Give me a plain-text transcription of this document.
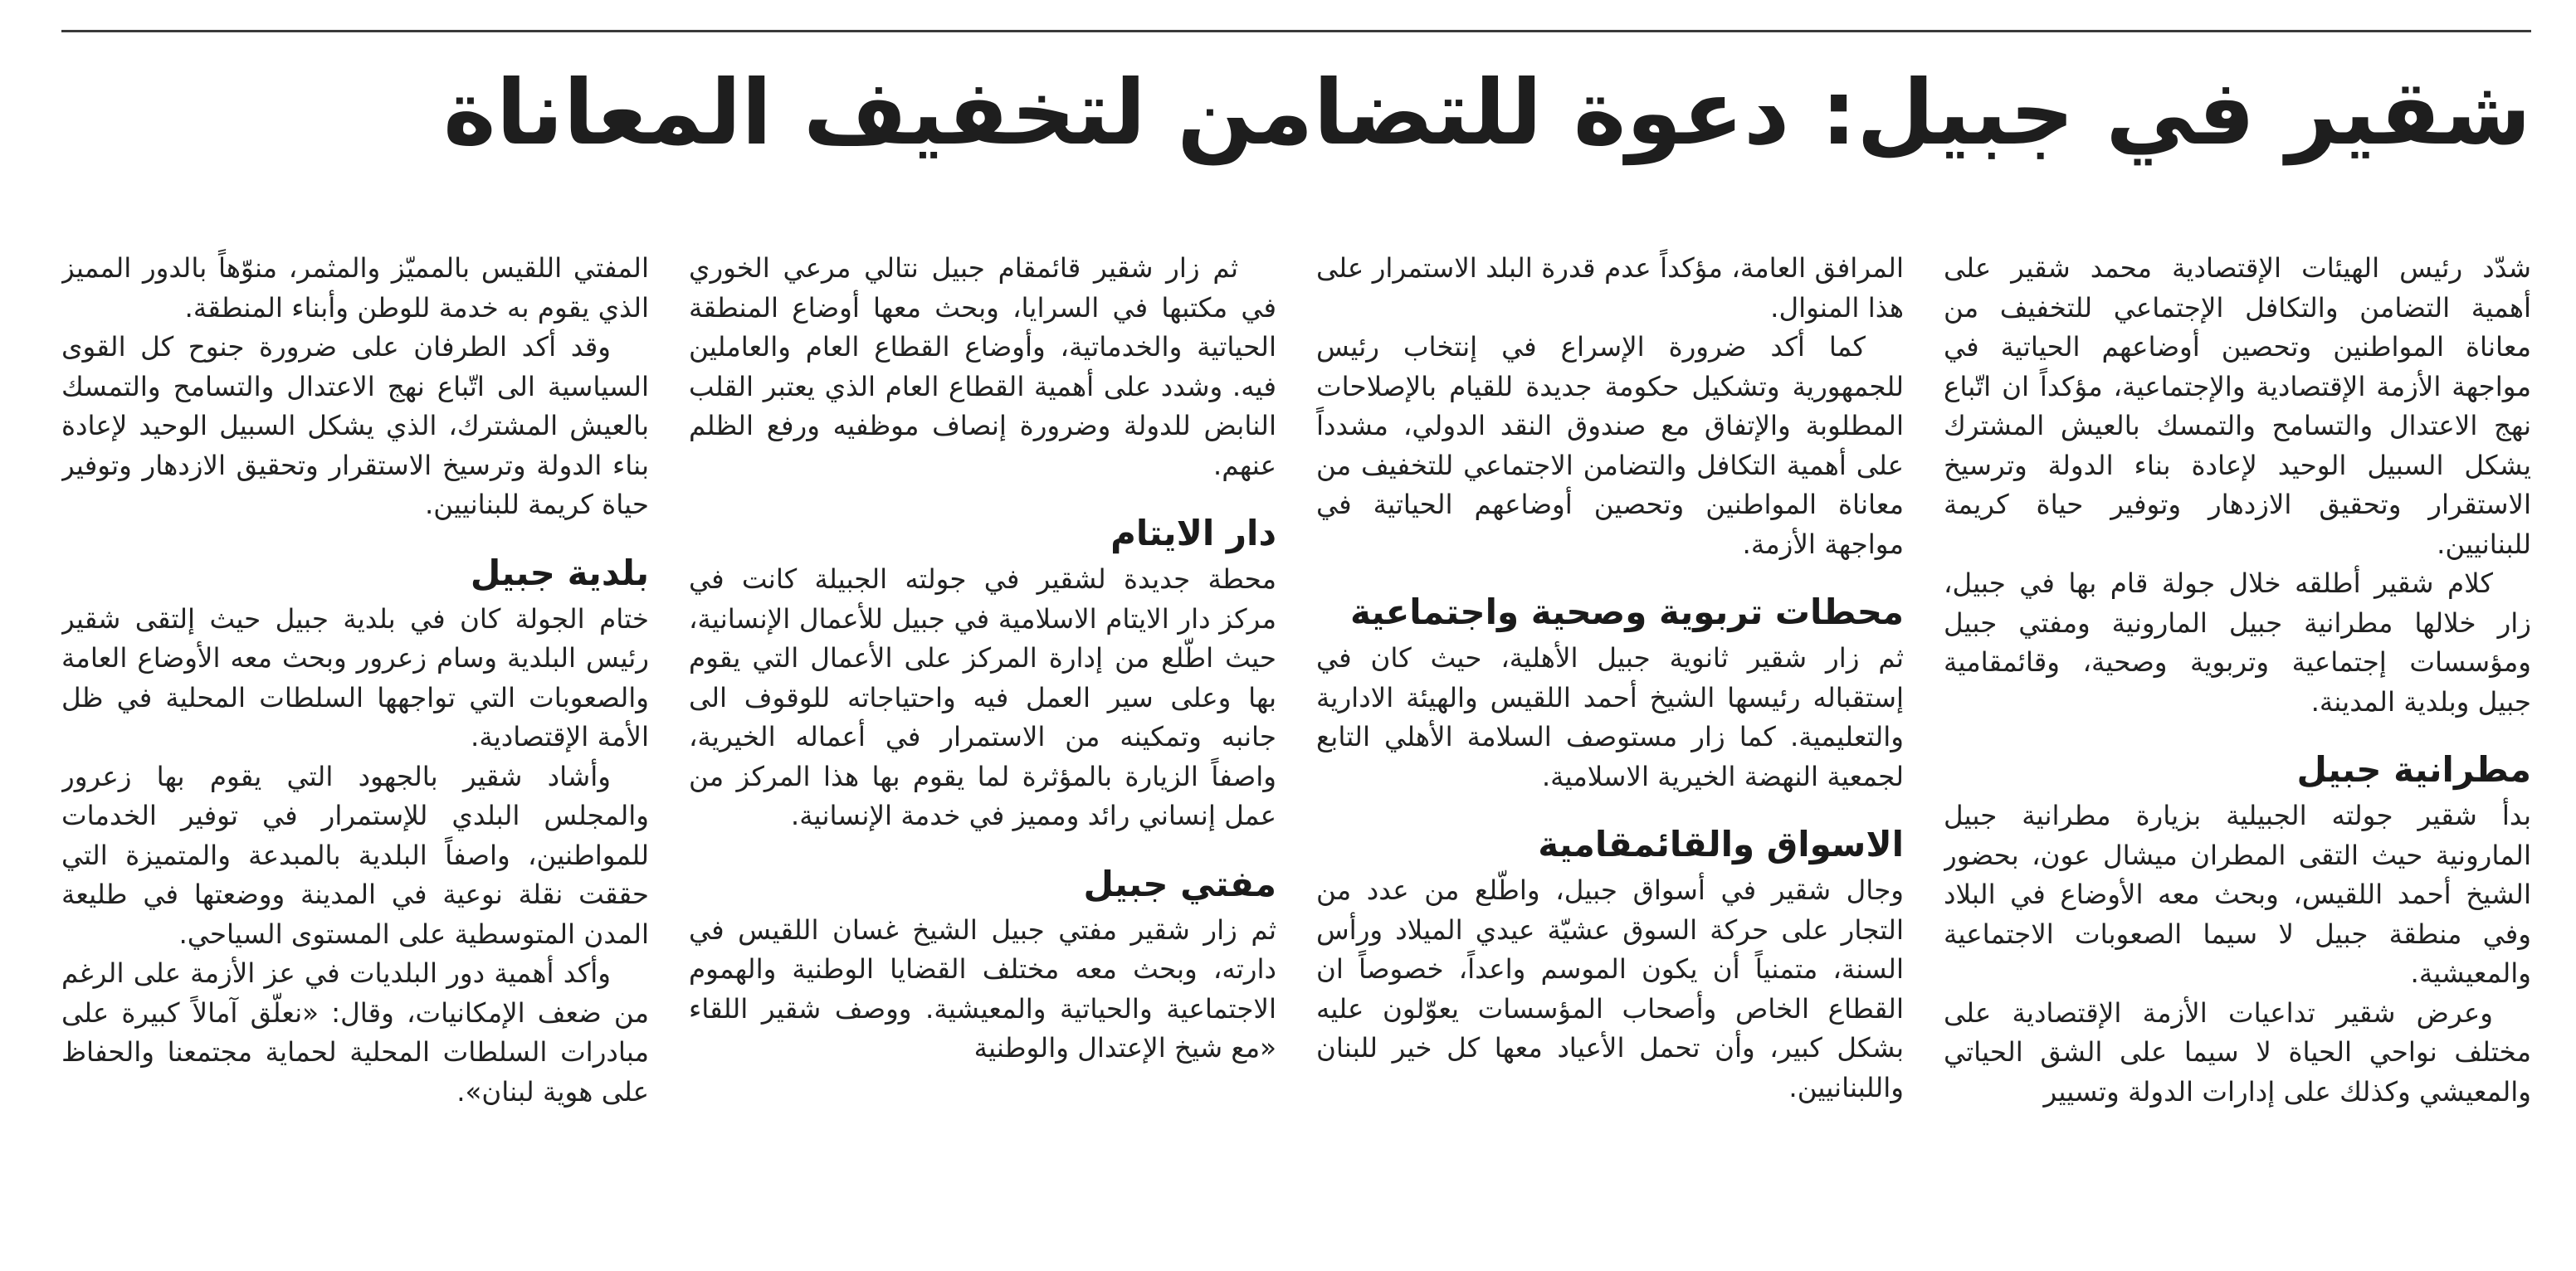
شقير في جبيل: دعوة للتضامن لتخفيف المعاناة

شدّد رئيس الهيئات الإقتصادية محمد شقير على أهمية التضامن والتكافل الإجتماعي للتخفيف من معاناة المواطنين وتحصين أوضاعهم الحياتية في مواجهة الأزمة الإقتصادية والإجتماعية، مؤكداً ان اتّباع نهج الاعتدال والتسامح والتمسك بالعيش المشترك يشكل السبيل الوحيد لإعادة بناء الدولة وترسيخ الاستقرار وتحقيق الازدهار وتوفير حياة كريمة للبنانيين.

كلام شقير أطلقه خلال جولة قام بها في جبيل، زار خلالها مطرانية جبيل المارونية ومفتي جبيل ومؤسسات إجتماعية وتربوية وصحية، وقائمقامية جبيل وبلدية المدينة.

مطرانية جبيل

بدأ شقير جولته الجبيلية بزيارة مطرانية جبيل المارونية حيث التقى المطران ميشال عون، بحضور الشيخ أحمد اللقيس، وبحث معه الأوضاع في البلاد وفي منطقة جبيل لا سيما الصعوبات الاجتماعية والمعيشية.

وعرض شقير تداعيات الأزمة الإقتصادية على مختلف نواحي الحياة لا سيما على الشق الحياتي والمعيشي وكذلك على إدارات الدولة وتسيير

المرافق العامة، مؤكداً عدم قدرة البلد الاستمرار على هذا المنوال.

كما أكد ضرورة الإسراع في إنتخاب رئيس للجمهورية وتشكيل حكومة جديدة للقيام بالإصلاحات المطلوبة والإتفاق مع صندوق النقد الدولي، مشدداً على أهمية التكافل والتضامن الاجتماعي للتخفيف من معاناة المواطنين وتحصين أوضاعهم الحياتية في مواجهة الأزمة.

محطات تربوية وصحية واجتماعية

ثم زار شقير ثانوية جبيل الأهلية، حيث كان في إستقباله رئيسها الشيخ أحمد اللقيس والهيئة الادارية والتعليمية. كما زار مستوصف السلامة الأهلي التابع لجمعية النهضة الخيرية الاسلامية.

الاسواق والقائمقامية

وجال شقير في أسواق جبيل، واطّلع من عدد من التجار على حركة السوق عشيّة عيدي الميلاد ورأس السنة، متمنياً أن يكون الموسم واعداً، خصوصاً ان القطاع الخاص وأصحاب المؤسسات يعوّلون عليه بشكل كبير، وأن تحمل الأعياد معها كل خير للبنان واللبنانيين.

ثم زار شقير قائمقام جبيل نتالي مرعي الخوري في مكتبها في السرايا، وبحث معها أوضاع المنطقة الحياتية والخدماتية، وأوضاع القطاع العام والعاملين فيه. وشدد على أهمية القطاع العام الذي يعتبر القلب النابض للدولة وضرورة إنصاف موظفيه ورفع الظلم عنهم.

دار الايتام

محطة جديدة لشقير في جولته الجبيلة كانت في مركز دار الايتام الاسلامية في جبيل للأعمال الإنسانية، حيث اطّلع من إدارة المركز على الأعمال التي يقوم بها وعلى سير العمل فيه واحتياجاته للوقوف الى جانبه وتمكينه من الاستمرار في أعماله الخيرية، واصفاً الزيارة بالمؤثرة لما يقوم بها هذا المركز من عمل إنساني رائد ومميز في خدمة الإنسانية.

مفتي جبيل

ثم زار شقير مفتي جبيل الشيخ غسان اللقيس في دارته، وبحث معه مختلف القضايا الوطنية والهموم الاجتماعية والحياتية والمعيشية. ووصف شقير اللقاء «مع شيخ الإعتدال والوطنية

المفتي اللقيس بالمميّز والمثمر، منوّهاً بالدور المميز الذي يقوم به خدمة للوطن وأبناء المنطقة.

وقد أكد الطرفان على ضرورة جنوح كل القوى السياسية الى اتّباع نهج الاعتدال والتسامح والتمسك بالعيش المشترك، الذي يشكل السبيل الوحيد لإعادة بناء الدولة وترسيخ الاستقرار وتحقيق الازدهار وتوفير حياة كريمة للبنانيين.

بلدية جبيل

ختام الجولة كان في بلدية جبيل حيث إلتقى شقير رئيس البلدية وسام زعرور وبحث معه الأوضاع العامة والصعوبات التي تواجهها السلطات المحلية في ظل الأمة الإقتصادية.

وأشاد شقير بالجهود التي يقوم بها زعرور والمجلس البلدي للإستمرار في توفير الخدمات للمواطنين، واصفاً البلدية بالمبدعة والمتميزة التي حققت نقلة نوعية في المدينة ووضعتها في طليعة المدن المتوسطية على المستوى السياحي.

وأكد أهمية دور البلديات في عز الأزمة على الرغم من ضعف الإمكانيات، وقال: «نعلّق آمالاً كبيرة على مبادرات السلطات المحلية لحماية مجتمعنا والحفاظ على هوية لبنان».
